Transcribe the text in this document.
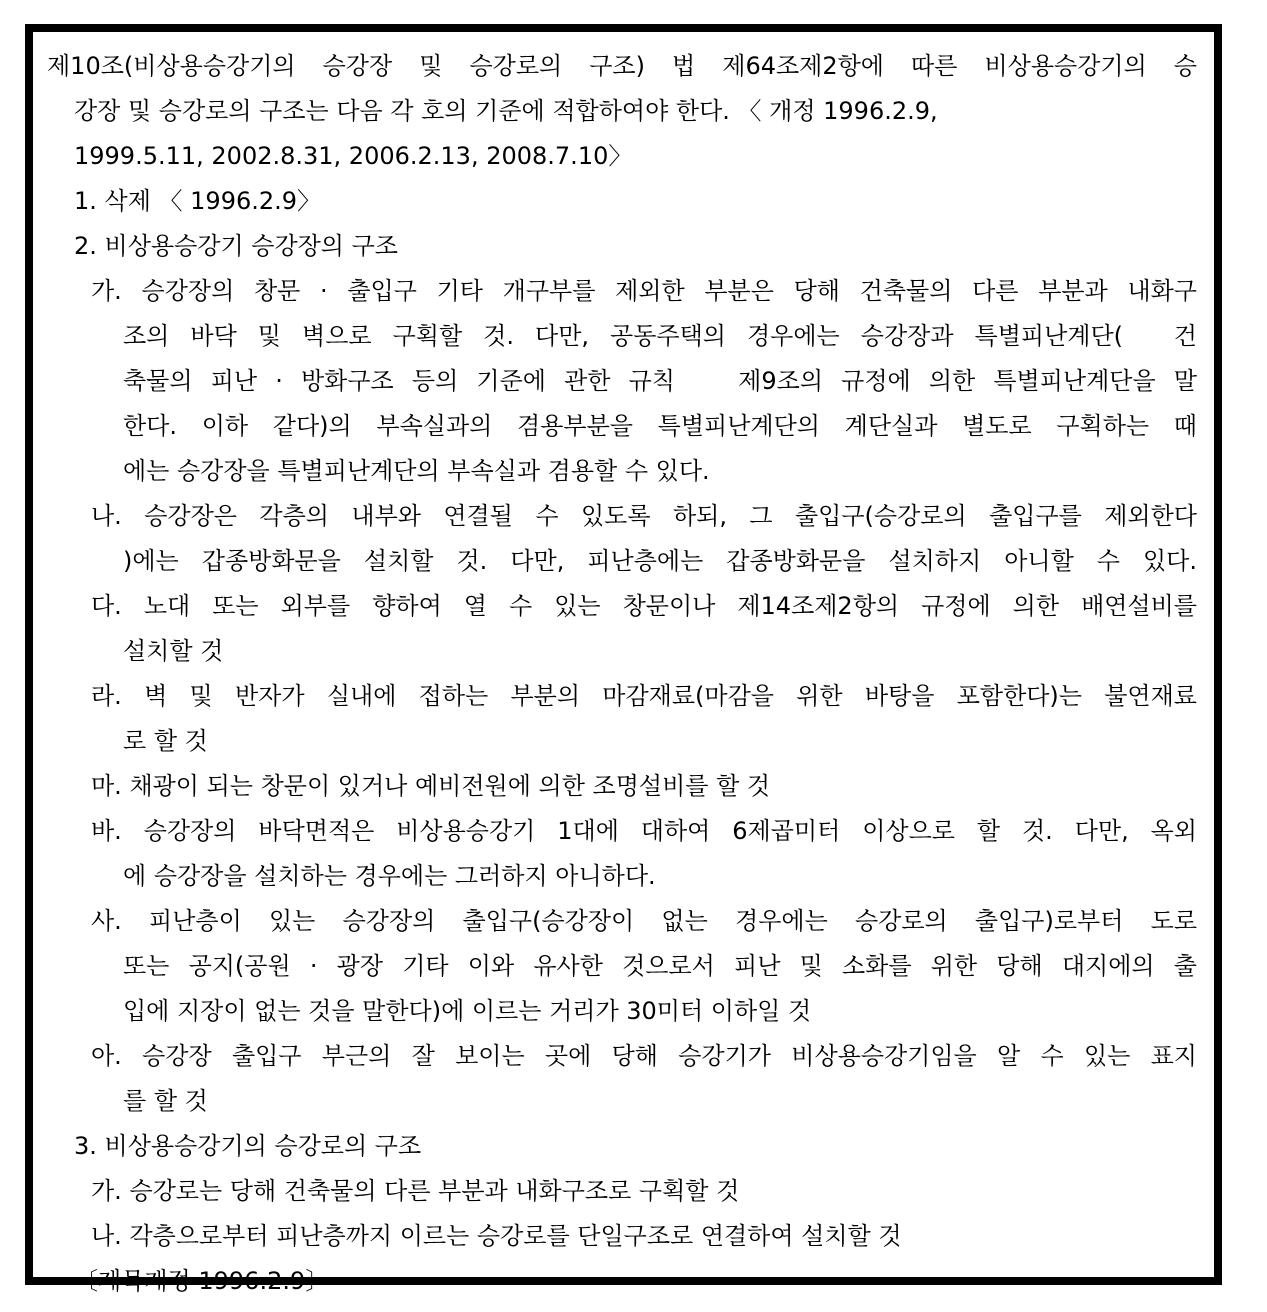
제10조(비상용승강기의 승강장 및 승강로의 구조) 법 제64조제2항에 따른 비상용승강기의 승
강장 및 승강로의 구조는 다음 각 호의 기준에 적합하여야 한다. 〈 개정 1996.2.9,
1999.5.11, 2002.8.31, 2006.2.13, 2008.7.10〉
1. 삭제 〈 1996.2.9〉
2. 비상용승강기 승강장의 구조
가. 승강장의 창문 · 출입구 기타 개구부를 제외한 부분은 당해 건축물의 다른 부분과 내화구
조의 바닥 및 벽으로 구획할 것. 다만, 공동주택의 경우에는 승강장과 특별피난계단(　건
축물의 피난 · 방화구조 등의 기준에 관한 규칙　 제9조의 규정에 의한 특별피난계단을 말
한다. 이하 같다)의 부속실과의 겸용부분을 특별피난계단의 계단실과 별도로 구획하는 때
에는 승강장을 특별피난계단의 부속실과 겸용할 수 있다.
나. 승강장은 각층의 내부와 연결될 수 있도록 하되, 그 출입구(승강로의 출입구를 제외한다
)에는 갑종방화문을 설치할 것. 다만, 피난층에는 갑종방화문을 설치하지 아니할 수 있다.
다. 노대 또는 외부를 향하여 열 수 있는 창문이나 제14조제2항의 규정에 의한 배연설비를
설치할 것
라. 벽 및 반자가 실내에 접하는 부분의 마감재료(마감을 위한 바탕을 포함한다)는 불연재료
로 할 것
마. 채광이 되는 창문이 있거나 예비전원에 의한 조명설비를 할 것
바. 승강장의 바닥면적은 비상용승강기 1대에 대하여 6제곱미터 이상으로 할 것. 다만, 옥외
에 승강장을 설치하는 경우에는 그러하지 아니하다.
사. 피난층이 있는 승강장의 출입구(승강장이 없는 경우에는 승강로의 출입구)로부터 도로
또는 공지(공원 · 광장 기타 이와 유사한 것으로서 피난 및 소화를 위한 당해 대지에의 출
입에 지장이 없는 것을 말한다)에 이르는 거리가 30미터 이하일 것
아. 승강장 출입구 부근의 잘 보이는 곳에 당해 승강기가 비상용승강기임을 알 수 있는 표지
를 할 것
3. 비상용승강기의 승강로의 구조
가. 승강로는 당해 건축물의 다른 부분과 내화구조로 구획할 것
나. 각층으로부터 피난층까지 이르는 승강로를 단일구조로 연결하여 설치할 것
〔제목개정 1996.2.9〕
